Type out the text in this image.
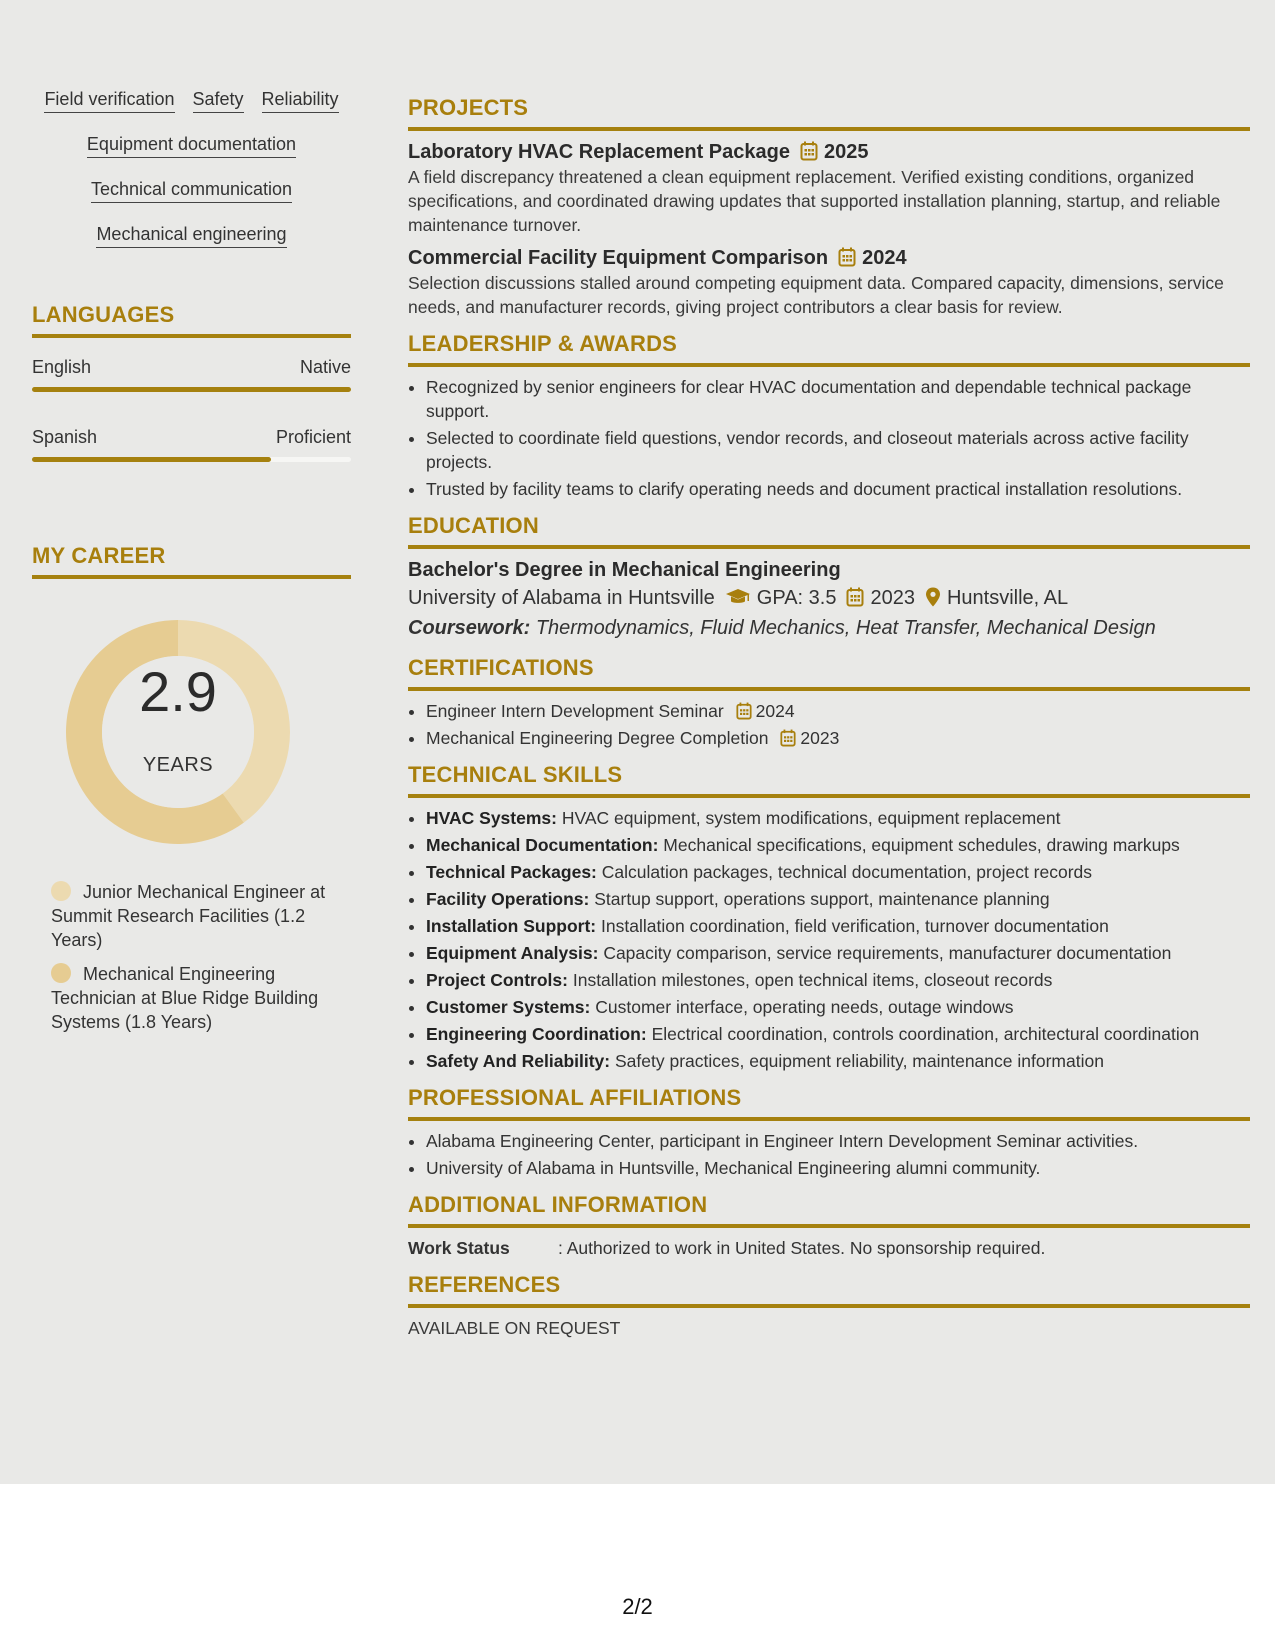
Field verification Safety Reliability
Equipment documentation
Technical communication
Mechanical engineering
LANGUAGES
English	Native
Spanish	Proficient
MY CAREER
2.9
YEARS
Junior Mechanical Engineer at Summit Research Facilities (1.2 Years)
Mechanical Engineering Technician at Blue Ridge Building Systems (1.8 Years)
PROJECTS
Laboratory HVAC Replacement Package 2025
A field discrepancy threatened a clean equipment replacement. Verified existing conditions, organized specifications, and coordinated drawing updates that supported installation planning, startup, and reliable maintenance turnover.
Commercial Facility Equipment Comparison 2024
Selection discussions stalled around competing equipment data. Compared capacity, dimensions, service needs, and manufacturer records, giving project contributors a clear basis for review.
LEADERSHIP & AWARDS
• Recognized by senior engineers for clear HVAC documentation and dependable technical package support.
• Selected to coordinate field questions, vendor records, and closeout materials across active facility projects.
• Trusted by facility teams to clarify operating needs and document practical installation resolutions.
EDUCATION
Bachelor's Degree in Mechanical Engineering
University of Alabama in Huntsville GPA: 3.5 2023 Huntsville, AL
Coursework: Thermodynamics, Fluid Mechanics, Heat Transfer, Mechanical Design
CERTIFICATIONS
• Engineer Intern Development Seminar 2024
• Mechanical Engineering Degree Completion 2023
TECHNICAL SKILLS
• HVAC Systems: HVAC equipment, system modifications, equipment replacement
• Mechanical Documentation: Mechanical specifications, equipment schedules, drawing markups
• Technical Packages: Calculation packages, technical documentation, project records
• Facility Operations: Startup support, operations support, maintenance planning
• Installation Support: Installation coordination, field verification, turnover documentation
• Equipment Analysis: Capacity comparison, service requirements, manufacturer documentation
• Project Controls: Installation milestones, open technical items, closeout records
• Customer Systems: Customer interface, operating needs, outage windows
• Engineering Coordination: Electrical coordination, controls coordination, architectural coordination
• Safety And Reliability: Safety practices, equipment reliability, maintenance information
PROFESSIONAL AFFILIATIONS
• Alabama Engineering Center, participant in Engineer Intern Development Seminar activities.
• University of Alabama in Huntsville, Mechanical Engineering alumni community.
ADDITIONAL INFORMATION
Work Status	: Authorized to work in United States. No sponsorship required.
REFERENCES
AVAILABLE ON REQUEST
2/2
